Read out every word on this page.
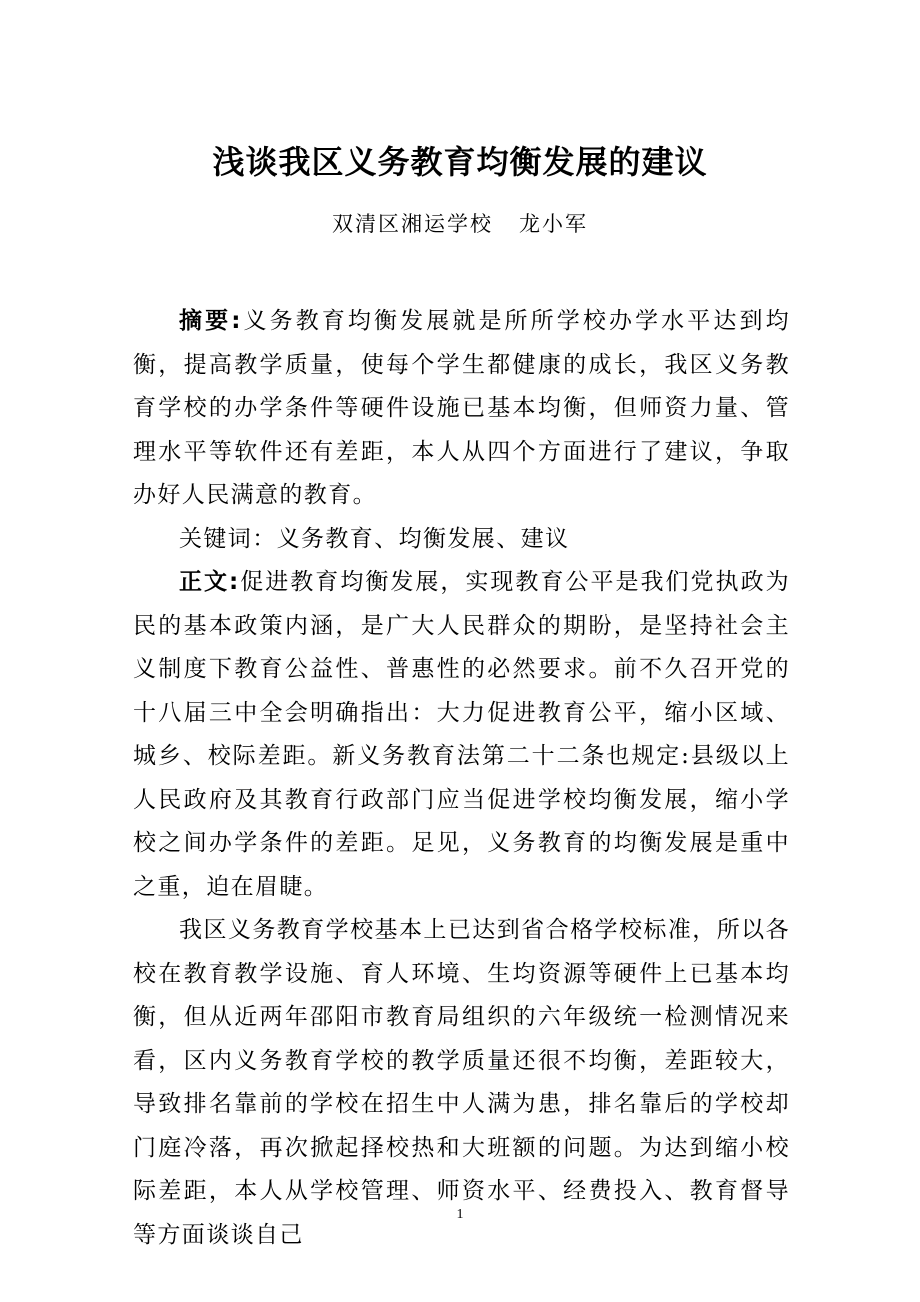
浅谈我区义务教育均衡发展的建议
双清区湘运学校 龙小军

摘要:义务教育均衡发展就是所所学校办学水平达到均衡，提高教学质量，使每个学生都健康的成长，我区义务教育学校的办学条件等硬件设施已基本均衡，但师资力量、管理水平等软件还有差距，本人从四个方面进行了建议，争取办好人民满意的教育。

关键词：义务教育、均衡发展、建议

正文:促进教育均衡发展，实现教育公平是我们党执政为民的基本政策内涵，是广大人民群众的期盼，是坚持社会主义制度下教育公益性、普惠性的必然要求。前不久召开党的十八届三中全会明确指出：大力促进教育公平，缩小区域、城乡、校际差距。新义务教育法第二十二条也规定:县级以上人民政府及其教育行政部门应当促进学校均衡发展，缩小学校之间办学条件的差距。足见，义务教育的均衡发展是重中之重，迫在眉睫。

我区义务教育学校基本上已达到省合格学校标准，所以各校在教育教学设施、育人环境、生均资源等硬件上已基本均衡，但从近两年邵阳市教育局组织的六年级统一检测情况来看，区内义务教育学校的教学质量还很不均衡，差距较大，导致排名靠前的学校在招生中人满为患，排名靠后的学校却门庭冷落，再次掀起择校热和大班额的问题。为达到缩小校际差距，本人从学校管理、师资水平、经费投入、教育督导等方面谈谈自己

1
